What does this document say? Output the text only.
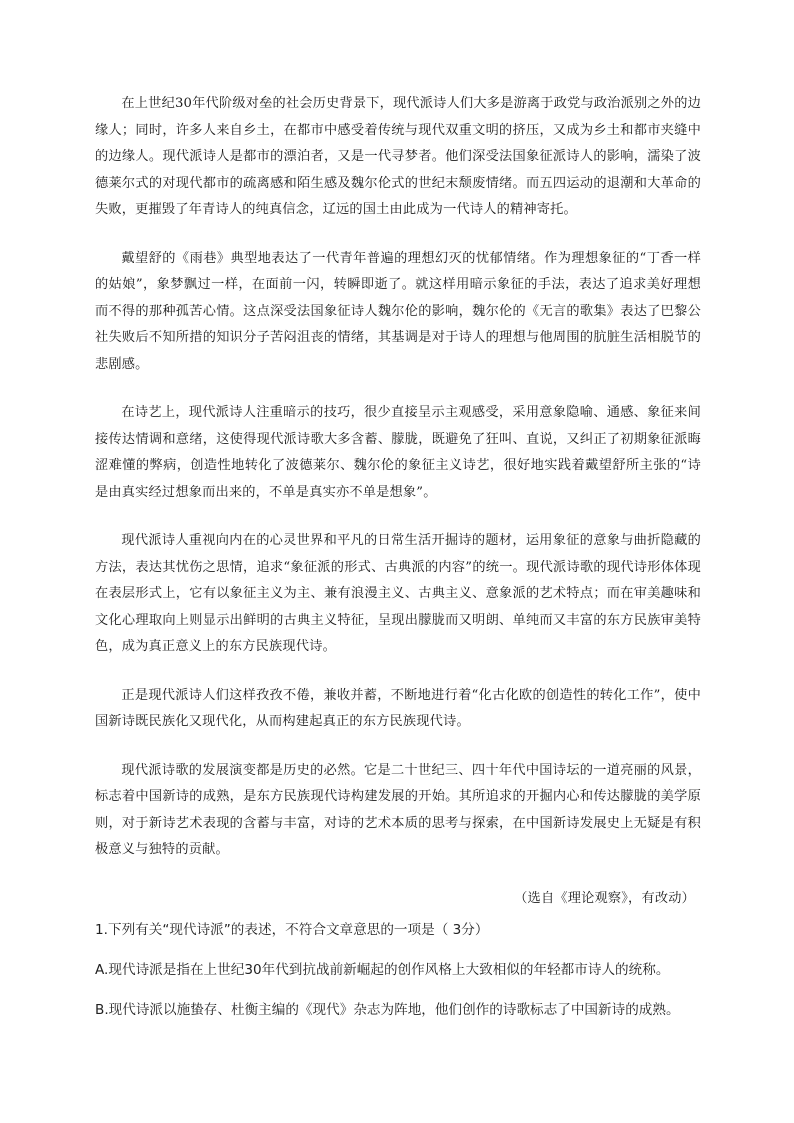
在上世纪30年代阶级对垒的社会历史背景下，现代派诗人们大多是游离于政党与政治派别之外的边缘人；同时，许多人来自乡土，在都市中感受着传统与现代双重文明的挤压，又成为乡土和都市夹缝中的边缘人。现代派诗人是都市的漂泊者，又是一代寻梦者。他们深受法国象征派诗人的影响，濡染了波德莱尔式的对现代都市的疏离感和陌生感及魏尔伦式的世纪末颓废情绪。而五四运动的退潮和大革命的失败，更摧毁了年青诗人的纯真信念，辽远的国土由此成为一代诗人的精神寄托。

戴望舒的《雨巷》典型地表达了一代青年普遍的理想幻灭的忧郁情绪。作为理想象征的“丁香一样的姑娘”，象梦飘过一样，在面前一闪，转瞬即逝了。就这样用暗示象征的手法，表达了追求美好理想而不得的那种孤苦心情。这点深受法国象征诗人魏尔伦的影响，魏尔伦的《无言的歌集》表达了巴黎公社失败后不知所措的知识分子苦闷沮丧的情绪，其基调是对于诗人的理想与他周围的肮脏生活相脱节的悲剧感。

在诗艺上，现代派诗人注重暗示的技巧，很少直接呈示主观感受，采用意象隐喻、通感、象征来间接传达情调和意绪，这使得现代派诗歌大多含蓄、朦胧，既避免了狂叫、直说，又纠正了初期象征派晦涩难懂的弊病，创造性地转化了波德莱尔、魏尔伦的象征主义诗艺，很好地实践着戴望舒所主张的“诗是由真实经过想象而出来的，不单是真实亦不单是想象”。

现代派诗人重视向内在的心灵世界和平凡的日常生活开掘诗的题材，运用象征的意象与曲折隐藏的方法，表达其忧伤之思情，追求“象征派的形式、古典派的内容”的统一。现代派诗歌的现代诗形体体现在表层形式上，它有以象征主义为主、兼有浪漫主义、古典主义、意象派的艺术特点；而在审美趣味和文化心理取向上则显示出鲜明的古典主义特征，呈现出朦胧而又明朗、单纯而又丰富的东方民族审美特色，成为真正意义上的东方民族现代诗。

正是现代派诗人们这样孜孜不倦，兼收并蓄，不断地进行着“化古化欧的创造性的转化工作”，使中国新诗既民族化又现代化，从而构建起真正的东方民族现代诗。

现代派诗歌的发展演变都是历史的必然。它是二十世纪三、四十年代中国诗坛的一道亮丽的风景，标志着中国新诗的成熟，是东方民族现代诗构建发展的开始。其所追求的开掘内心和传达朦胧的美学原则，对于新诗艺术表现的含蓄与丰富，对诗的艺术本质的思考与探索，在中国新诗发展史上无疑是有积极意义与独特的贡献。

（选自《理论观察》，有改动）

1.下列有关“现代诗派”的表述，不符合文章意思的一项是（ 3分）

A.现代诗派是指在上世纪30年代到抗战前新崛起的创作风格上大致相似的年轻都市诗人的统称。

B.现代诗派以施蛰存、杜衡主编的《现代》杂志为阵地，他们创作的诗歌标志了中国新诗的成熟。
